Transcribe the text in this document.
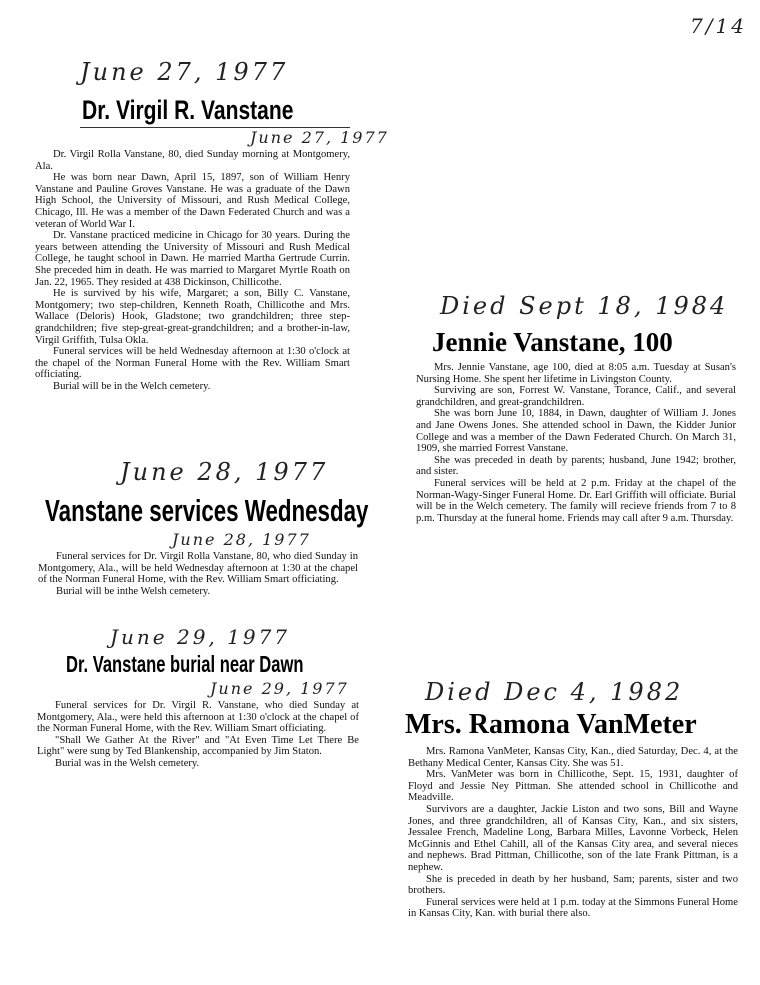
7/14
June 27, 1977
Dr. Virgil R. Vanstane
June 27, 1977

Dr. Virgil Rolla Vanstane, 80, died Sunday morning at Montgomery, Ala.

He was born near Dawn, April 15, 1897, son of William Henry Vanstane and Pauline Groves Vanstane. He was a graduate of the Dawn High School, the University of Missouri, and Rush Medical College, Chicago, Ill. He was a member of the Dawn Federated Church and was a veteran of World War I.

Dr. Vanstane practiced medicine in Chicago for 30 years. During the years between attending the University of Missouri and Rush Medical College, he taught school in Dawn. He married Martha Gertrude Currin. She preceded him in death. He was married to Margaret Myrtle Roath on Jan. 22, 1965. They resided at 438 Dickinson, Chillicothe.

He is survived by his wife, Margaret; a son, Billy C. Vanstane, Montgomery; two step-children, Kenneth Roath, Chillicothe and Mrs. Wallace (Deloris) Hook, Gladstone; two grandchildren; three step-grandchildren; five step-great-great-grandchildren; and a brother-in-law, Virgil Griffith, Tulsa Okla.

Funeral services will be held Wednesday afternoon at 1:30 o'clock at the chapel of the Norman Funeral Home with the Rev. William Smart officiating.

Burial will be in the Welch cemetery.

June 28, 1977
Vanstane services Wednesday
June 28, 1977

Funeral services for Dr. Virgil Rolla Vanstane, 80, who died Sunday in Montgomery, Ala., will be held Wednesday afternoon at 1:30 at the chapel of the Norman Funeral Home, with the Rev. William Smart officiating.

Burial will be inthe Welsh cemetery.

June 29, 1977
Dr. Vanstane burial near Dawn
June 29, 1977

Funeral services for Dr. Virgil R. Vanstane, who died Sunday at Montgomery, Ala., were held this afternoon at 1:30 o'clock at the chapel of the Norman Funeral Home, with the Rev. William Smart officiating.

"Shall We Gather At the River" and "At Even Time Let There Be Light" were sung by Ted Blankenship, accompanied by Jim Staton.

Burial was in the Welsh cemetery.

Died Sept 18, 1984
Jennie Vanstane, 100

Mrs. Jennie Vanstane, age 100, died at 8:05 a.m. Tuesday at Susan's Nursing Home. She spent her lifetime in Livingston County.

Surviving are son, Forrest W. Vanstane, Torance, Calif., and several grandchildren, and great-grandchildren.

She was born June 10, 1884, in Dawn, daughter of William J. Jones and Jane Owens Jones. She attended school in Dawn, the Kidder Junior College and was a member of the Dawn Federated Church. On March 31, 1909, she married Forrest Vanstane.

She was preceded in death by parents; husband, June 1942; brother, and sister.

Funeral services will be held at 2 p.m. Friday at the chapel of the Norman-Wagy-Singer Funeral Home. Dr. Earl Griffith will officiate. Burial will be in the Welch cemetery. The family will recieve friends from 7 to 8 p.m. Thursday at the funeral home. Friends may call after 9 a.m. Thursday.

Died Dec 4, 1982
Mrs. Ramona VanMeter

Mrs. Ramona VanMeter, Kansas City, Kan., died Saturday, Dec. 4, at the Bethany Medical Center, Kansas City. She was 51.

Mrs. VanMeter was born in Chillicothe, Sept. 15, 1931, daughter of Floyd and Jessie Ney Pittman. She attended school in Chillicothe and Meadville.

Survivors are a daughter, Jackie Liston and two sons, Bill and Wayne Jones, and three grandchildren, all of Kansas City, Kan., and six sisters, Jessalee French, Madeline Long, Barbara Milles, Lavonne Vorbeck, Helen McGinnis and Ethel Cahill, all of the Kansas City area, and several nieces and nephews. Brad Pittman, Chillicothe, son of the late Frank Pittman, is a nephew.

She is preceded in death by her husband, Sam; parents, sister and two brothers.

Funeral services were held at 1 p.m. today at the Simmons Funeral Home in Kansas City, Kan. with burial there also.
